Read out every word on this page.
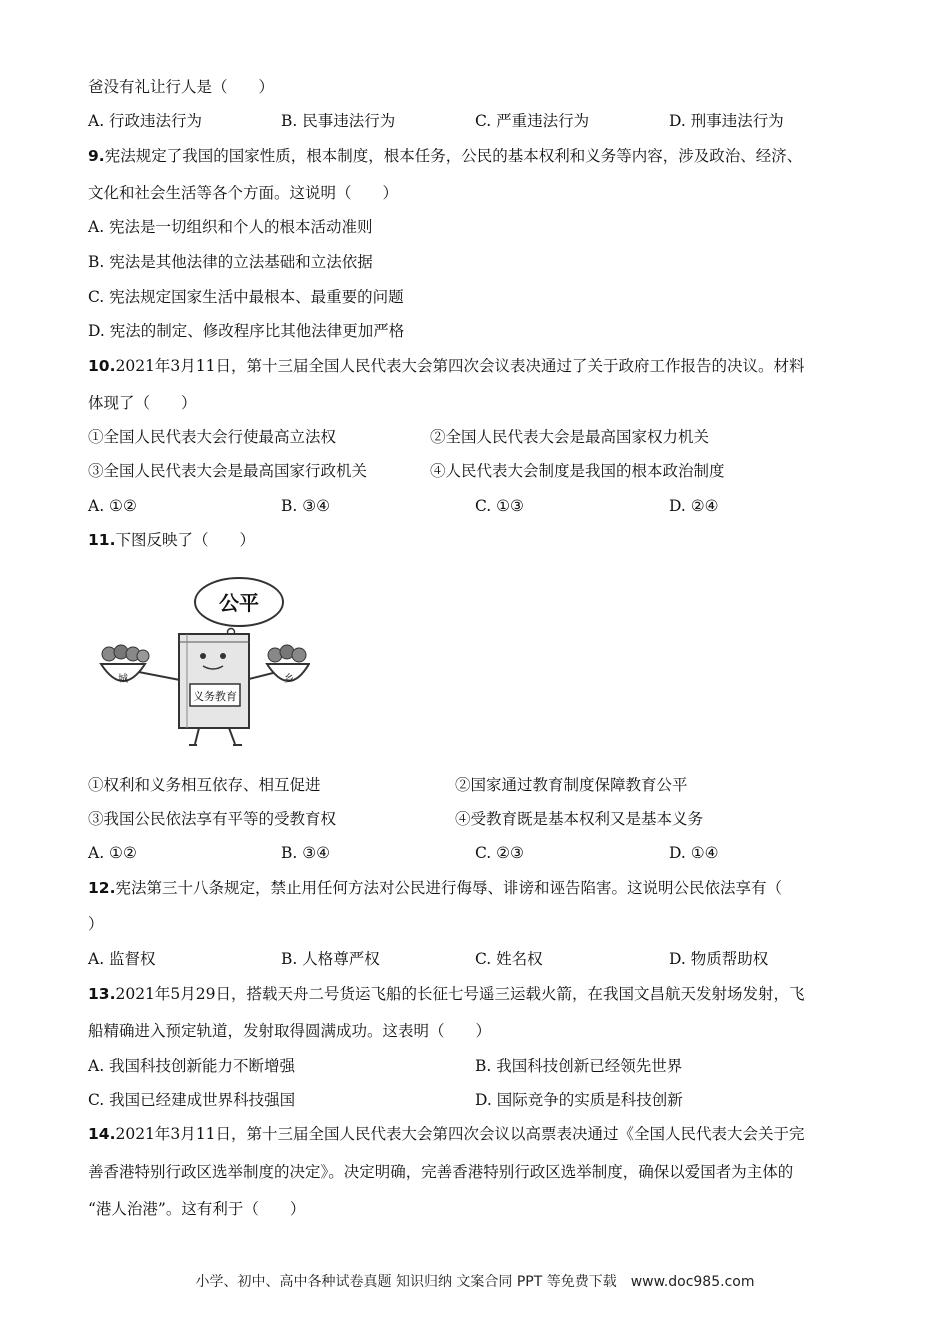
爸没有礼让行人是（　　）
A. 行政违法行为	B. 民事违法行为	C. 严重违法行为	D. 刑事违法行为
9.宪法规定了我国的国家性质，根本制度，根本任务，公民的基本权利和义务等内容，涉及政治、经济、
文化和社会生活等各个方面。这说明（　　）
A. 宪法是一切组织和个人的根本活动准则
B. 宪法是其他法律的立法基础和立法依据
C. 宪法规定国家生活中最根本、最重要的问题
D. 宪法的制定、修改程序比其他法律更加严格
10.2021年3月11日，第十三届全国人民代表大会第四次会议表决通过了关于政府工作报告的决议。材料
体现了（　　）
①全国人民代表大会行使最高立法权	②全国人民代表大会是最高国家权力机关
③全国人民代表大会是最高国家行政机关	④人民代表大会制度是我国的根本政治制度
A. ①②	B. ③④	C. ①③	D. ②④
11.下图反映了（　　）
公平
义务教育
城	乡
①权利和义务相互依存、相互促进	②国家通过教育制度保障教育公平
③我国公民依法享有平等的受教育权	④受教育既是基本权利又是基本义务
A. ①②	B. ③④	C. ②③	D. ①④
12.宪法第三十八条规定，禁止用任何方法对公民进行侮辱、诽谤和诬告陷害。这说明公民依法享有（
）
A. 监督权	B. 人格尊严权	C. 姓名权	D. 物质帮助权
13.2021年5月29日，搭载天舟二号货运飞船的长征七号遥三运载火箭，在我国文昌航天发射场发射，飞
船精确进入预定轨道，发射取得圆满成功。这表明（　　）
A. 我国科技创新能力不断增强	B. 我国科技创新已经领先世界
C. 我国已经建成世界科技强国	D. 国际竞争的实质是科技创新
14.2021年3月11日，第十三届全国人民代表大会第四次会议以高票表决通过《全国人民代表大会关于完
善香港特别行政区选举制度的决定》。决定明确，完善香港特别行政区选举制度，确保以爱国者为主体的
“港人治港”。这有利于（　　）
小学、初中、高中各种试卷真题 知识归纳 文案合同 PPT 等免费下载　www.doc985.com
